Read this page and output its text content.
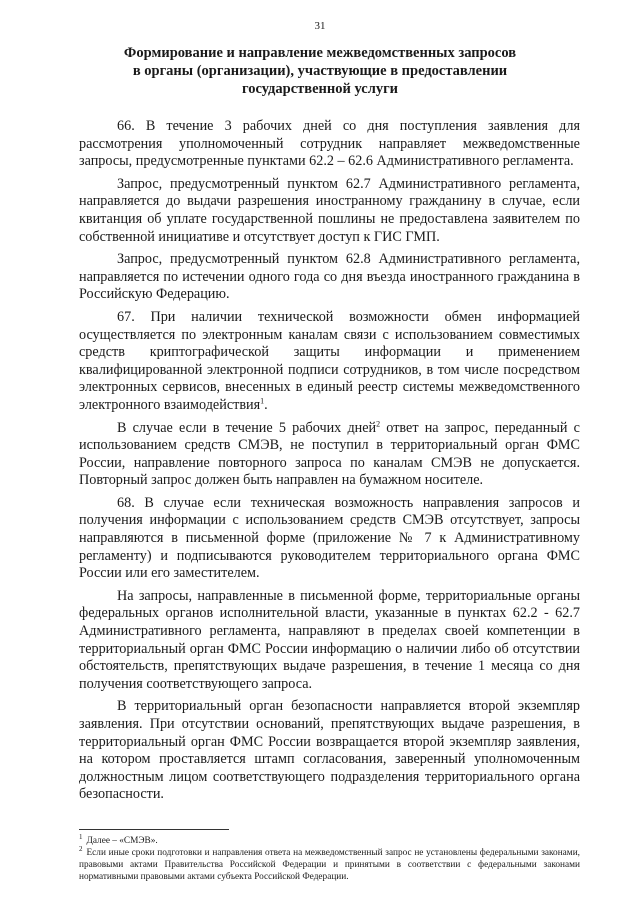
31
Формирование и направление межведомственных запросов
в органы (организации), участвующие в предоставлении
государственной услуги

66. В течение 3 рабочих дней со дня поступления заявления для рассмотрения уполномоченный сотрудник направляет межведомственные запросы, предусмотренные пунктами 62.2 – 62.6 Административного регламента.

Запрос, предусмотренный пунктом 62.7 Административного регламента, направляется до выдачи разрешения иностранному гражданину в случае, если квитанция об уплате государственной пошлины не предоставлена заявителем по собственной инициативе и отсутствует доступ к ГИС ГМП.

Запрос, предусмотренный пунктом 62.8 Административного регламента, направляется по истечении одного года со дня въезда иностранного гражданина в Российскую Федерацию.

67. При наличии технической возможности обмен информацией осуществляется по электронным каналам связи с использованием совместимых средств криптографической защиты информации и применением квалифицированной электронной подписи сотрудников, в том числе посредством электронных сервисов, внесенных в единый реестр системы межведомственного электронного взаимодействия$^1$.

В случае если в течение 5 рабочих дней$^2$ ответ на запрос, переданный с использованием средств СМЭВ, не поступил в территориальный орган ФМС России, направление повторного запроса по каналам СМЭВ не допускается. Повторный запрос должен быть направлен на бумажном носителе.

68. В случае если техническая возможность направления запросов и получения информации с использованием средств СМЭВ отсутствует, запросы направляются в письменной форме (приложение № 7 к Административному регламенту) и подписываются руководителем территориального органа ФМС России или его заместителем.

На запросы, направленные в письменной форме, территориальные органы федеральных органов исполнительной власти, указанные в пунктах 62.2 - 62.7 Административного регламента, направляют в пределах своей компетенции в территориальный орган ФМС России информацию о наличии либо об отсутствии обстоятельств, препятствующих выдаче разрешения, в течение 1 месяца со дня получения соответствующего запроса.

В территориальный орган безопасности направляется второй экземпляр заявления. При отсутствии оснований, препятствующих выдаче разрешения, в территориальный орган ФМС России возвращается второй экземпляр заявления, на котором проставляется штамп согласования, заверенный уполномоченным должностным лицом соответствующего подразделения территориального органа безопасности.

$^1$ Далее – «СМЭВ».

$^2$ Если иные сроки подготовки и направления ответа на межведомственный запрос не установлены федеральными законами, правовыми актами Правительства Российской Федерации и принятыми в соответствии с федеральными законами нормативными правовыми актами субъекта Российской Федерации.
